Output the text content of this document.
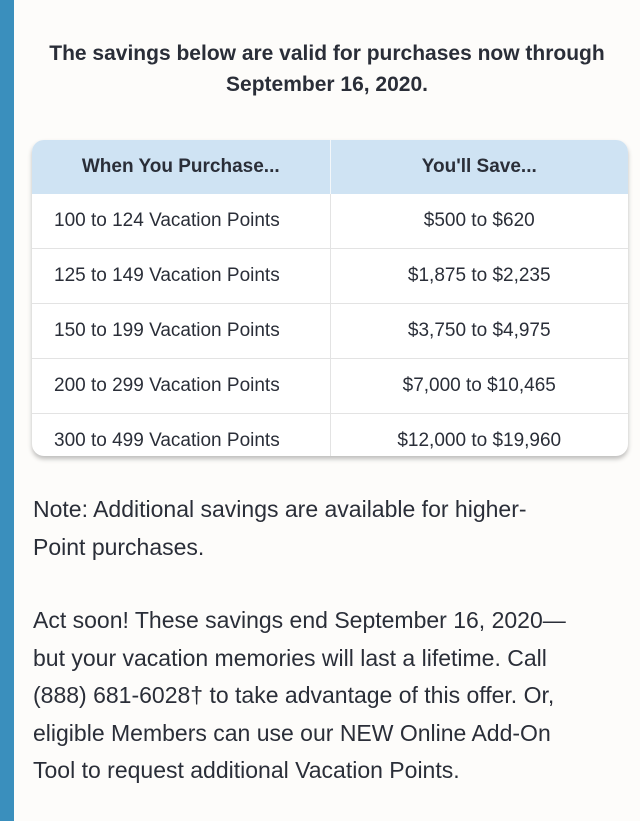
The savings below are valid for purchases now through
September 16, 2020.
When You Purchase...	You'll Save...
100 to 124 Vacation Points	$500 to $620
125 to 149 Vacation Points	$1,875 to $2,235
150 to 199 Vacation Points	$3,750 to $4,975
200 to 299 Vacation Points	$7,000 to $10,465
300 to 499 Vacation Points	$12,000 to $19,960
Note: Additional savings are available for higher-
Point purchases.
Act soon! These savings end September 16, 2020—
but your vacation memories will last a lifetime. Call
(888) 681-6028† to take advantage of this offer. Or,
eligible Members can use our NEW Online Add-On
Tool to request additional Vacation Points.
